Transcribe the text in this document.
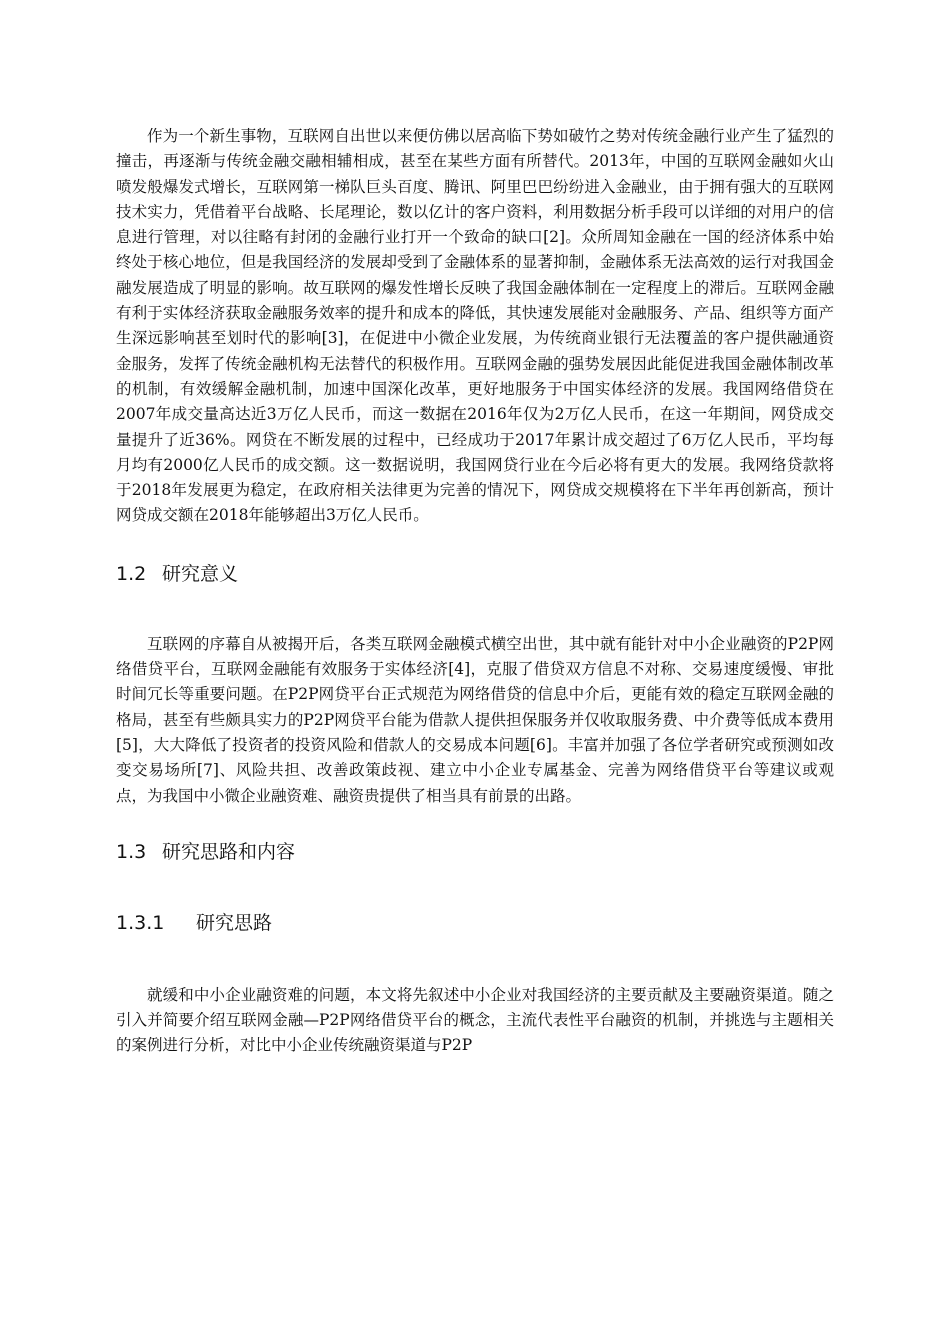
作为一个新生事物，互联网自出世以来便仿佛以居高临下势如破竹之势对传统金融行业产生了猛烈的撞击，再逐渐与传统金融交融相辅相成，甚至在某些方面有所替代。2013年，中国的互联网金融如火山喷发般爆发式增长，互联网第一梯队巨头百度、腾讯、阿里巴巴纷纷进入金融业，由于拥有强大的互联网技术实力，凭借着平台战略、长尾理论，数以亿计的客户资料，利用数据分析手段可以详细的对用户的信息进行管理，对以往略有封闭的金融行业打开一个致命的缺口[2]。众所周知金融在一国的经济体系中始终处于核心地位，但是我国经济的发展却受到了金融体系的显著抑制，金融体系无法高效的运行对我国金融发展造成了明显的影响。故互联网的爆发性增长反映了我国金融体制在一定程度上的滞后。互联网金融有利于实体经济获取金融服务效率的提升和成本的降低，其快速发展能对金融服务、产品、组织等方面产生深远影响甚至划时代的影响[3]，在促进中小微企业发展，为传统商业银行无法覆盖的客户提供融通资金服务，发挥了传统金融机构无法替代的积极作用。互联网金融的强势发展因此能促进我国金融体制改革的机制，有效缓解金融机制，加速中国深化改革，更好地服务于中国实体经济的发展。我国网络借贷在2007年成交量高达近3万亿人民币，而这一数据在2016年仅为2万亿人民币，在这一年期间，网贷成交量提升了近36%。网贷在不断发展的过程中，已经成功于2017年累计成交超过了6万亿人民币，平均每月均有2000亿人民币的成交额。这一数据说明，我国网贷行业在今后必将有更大的发展。我网络贷款将于2018年发展更为稳定，在政府相关法律更为完善的情况下，网贷成交规模将在下半年再创新高，预计网贷成交额在2018年能够超出3万亿人民币。

1.2 研究意义

互联网的序幕自从被揭开后，各类互联网金融模式横空出世，其中就有能针对中小企业融资的P2P网络借贷平台，互联网金融能有效服务于实体经济[4]，克服了借贷双方信息不对称、交易速度缓慢、审批时间冗长等重要问题。在P2P网贷平台正式规范为网络借贷的信息中介后，更能有效的稳定互联网金融的格局，甚至有些颇具实力的P2P网贷平台能为借款人提供担保服务并仅收取服务费、中介费等低成本费用[5]，大大降低了投资者的投资风险和借款人的交易成本问题[6]。丰富并加强了各位学者研究或预测如改变交易场所[7]、风险共担、改善政策歧视、建立中小企业专属基金、完善为网络借贷平台等建议或观点，为我国中小微企业融资难、融资贵提供了相当具有前景的出路。

1.3 研究思路和内容
1.3.1 研究思路

就缓和中小企业融资难的问题，本文将先叙述中小企业对我国经济的主要贡献及主要融资渠道。随之引入并简要介绍互联网金融—P2P网络借贷平台的概念，主流代表性平台融资的机制，并挑选与主题相关的案例进行分析，对比中小企业传统融资渠道与P2P
